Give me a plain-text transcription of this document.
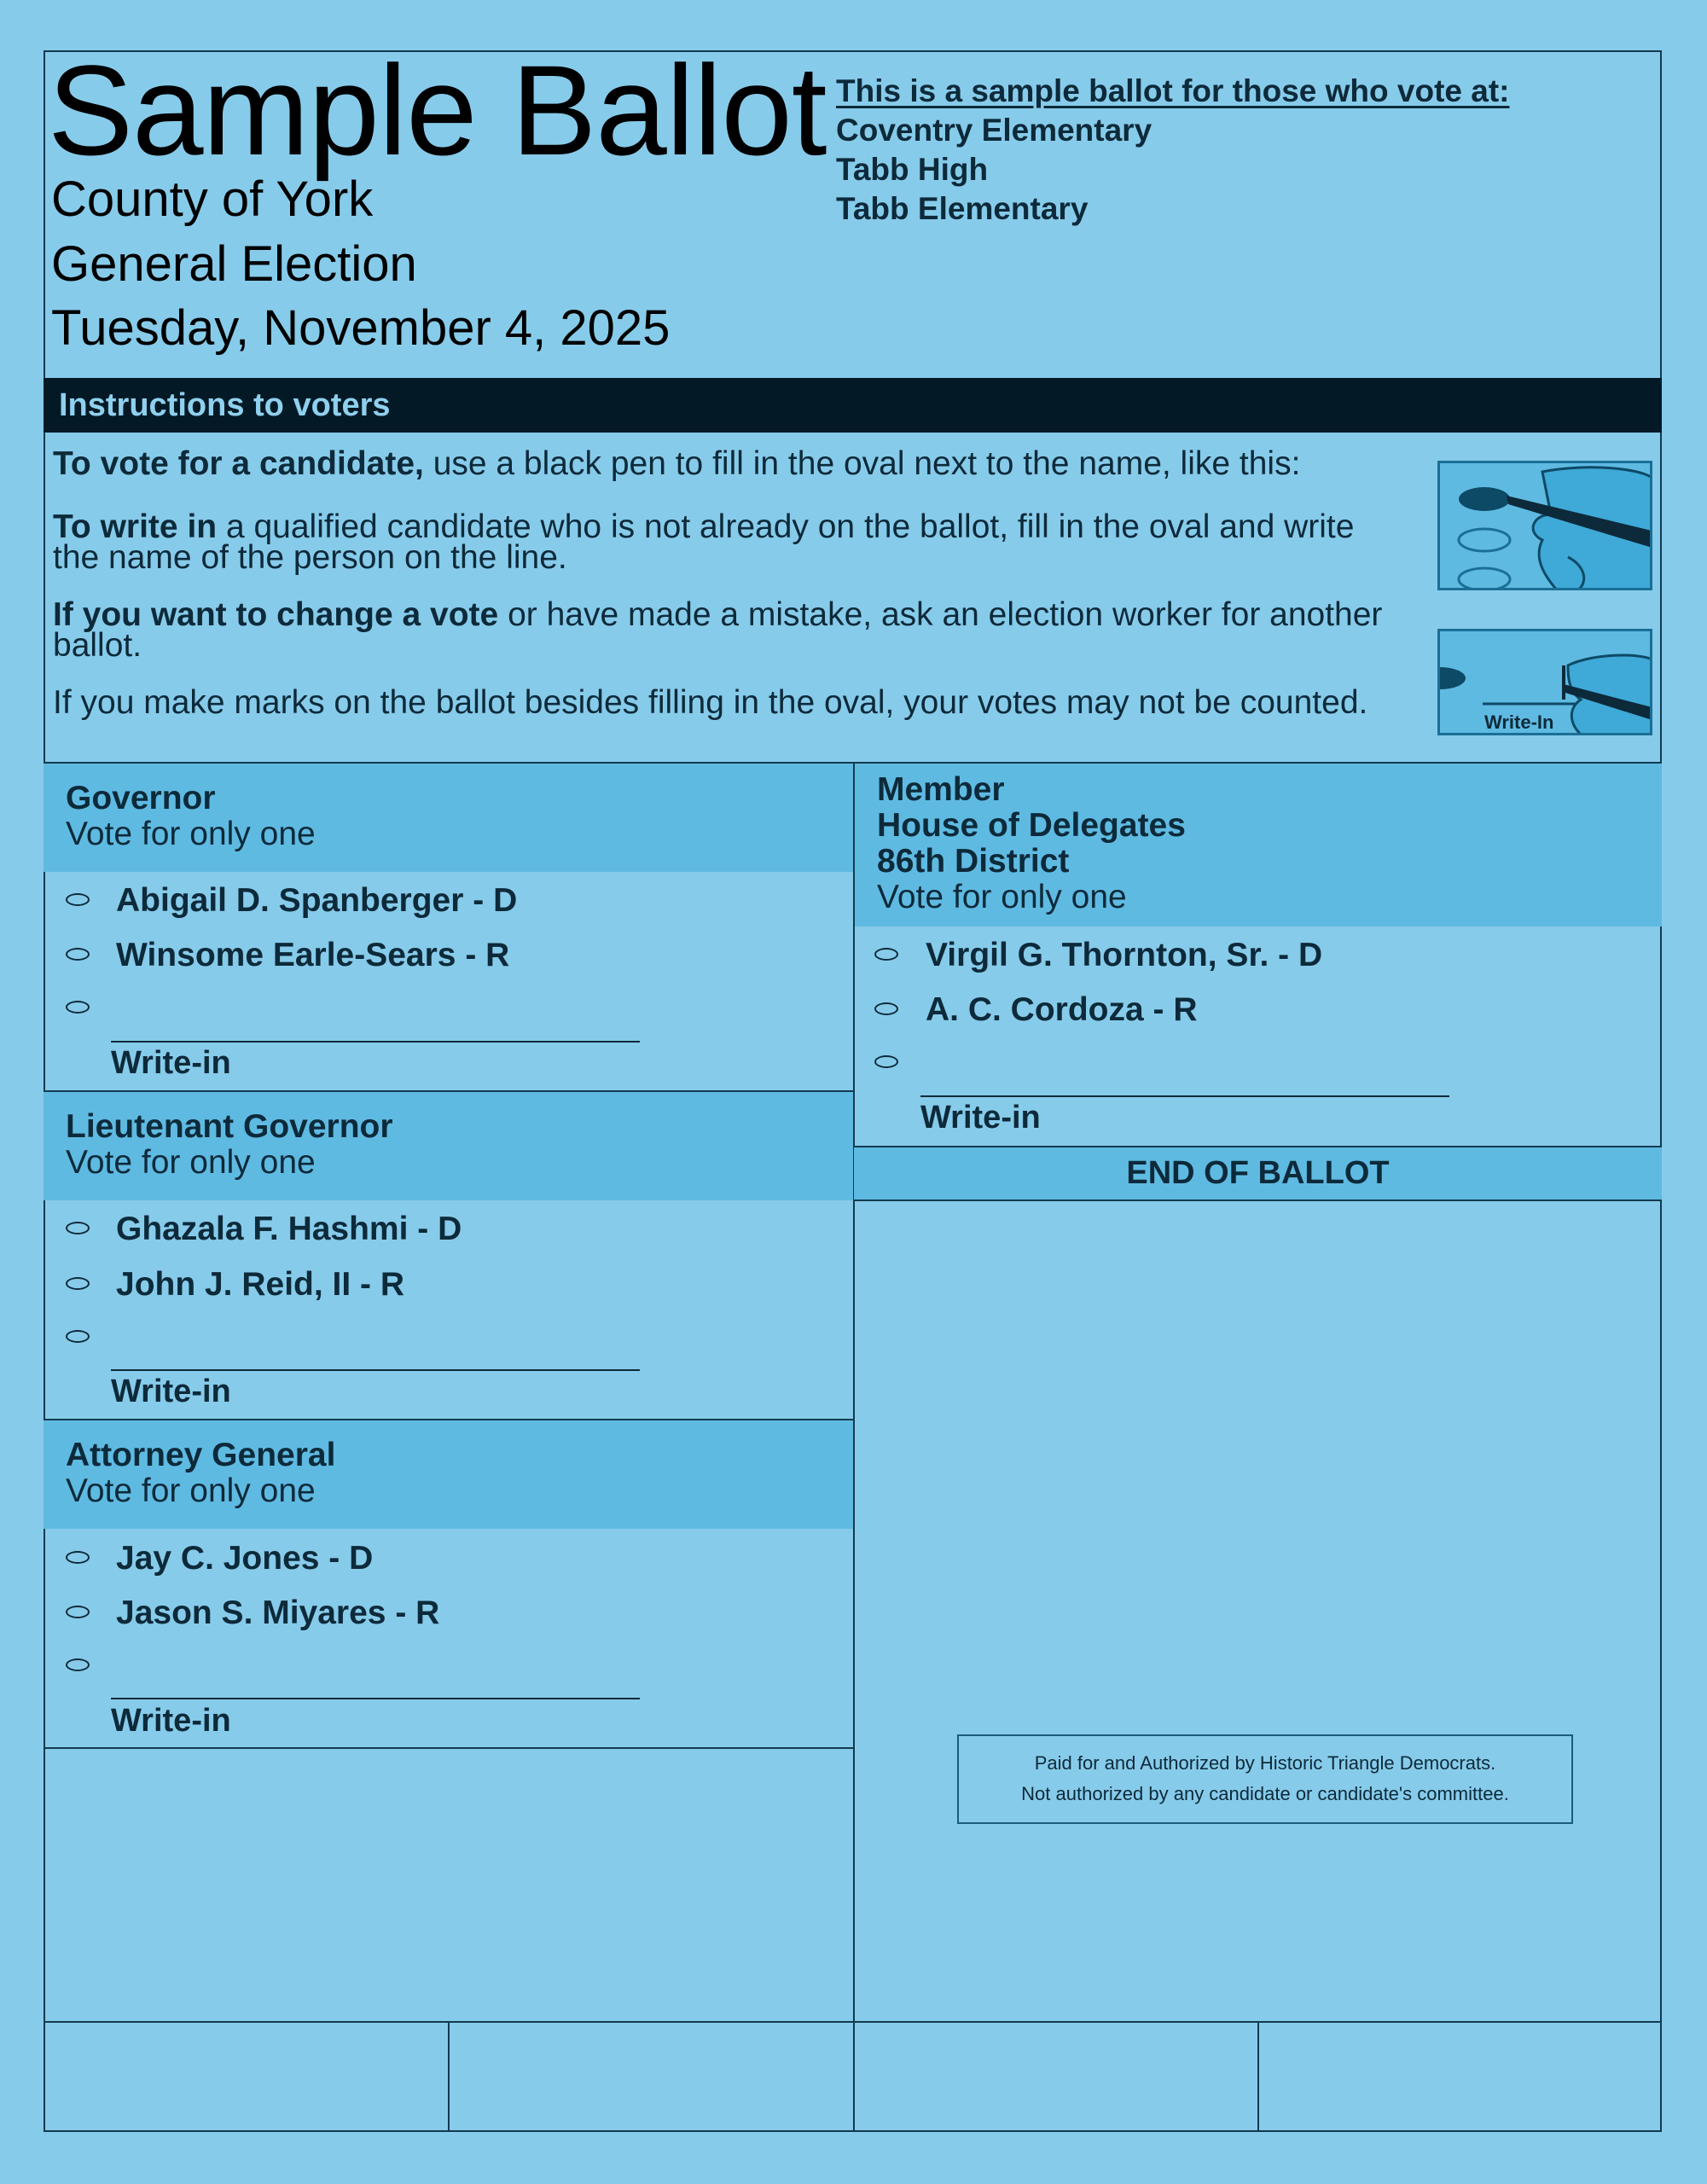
Sample Ballot
County of York
General Election
Tuesday, November 4, 2025
This is a sample ballot for those who vote at:
Coventry Elementary
Tabb High
Tabb Elementary
Instructions to voters
To vote for a candidate, use a black pen to fill in the oval next to the name, like this:
To write in a qualified candidate who is not already on the ballot, fill in the oval and write the name of the person on the line.
If you want to change a vote or have made a mistake, ask an election worker for another ballot.
If you make marks on the ballot besides filling in the oval, your votes may not be counted.
Write-In
Governor
Vote for only one
Abigail D. Spanberger - D
Winsome Earle-Sears - R
Write-in
Lieutenant Governor
Vote for only one
Ghazala F. Hashmi - D
John J. Reid, II - R
Write-in
Attorney General
Vote for only one
Jay C. Jones - D
Jason S. Miyares - R
Write-in
Member
House of Delegates
86th District
Vote for only one
Virgil G. Thornton, Sr. - D
A. C. Cordoza - R
Write-in
END OF BALLOT
Paid for and Authorized by Historic Triangle Democrats.
Not authorized by any candidate or candidate's committee.
